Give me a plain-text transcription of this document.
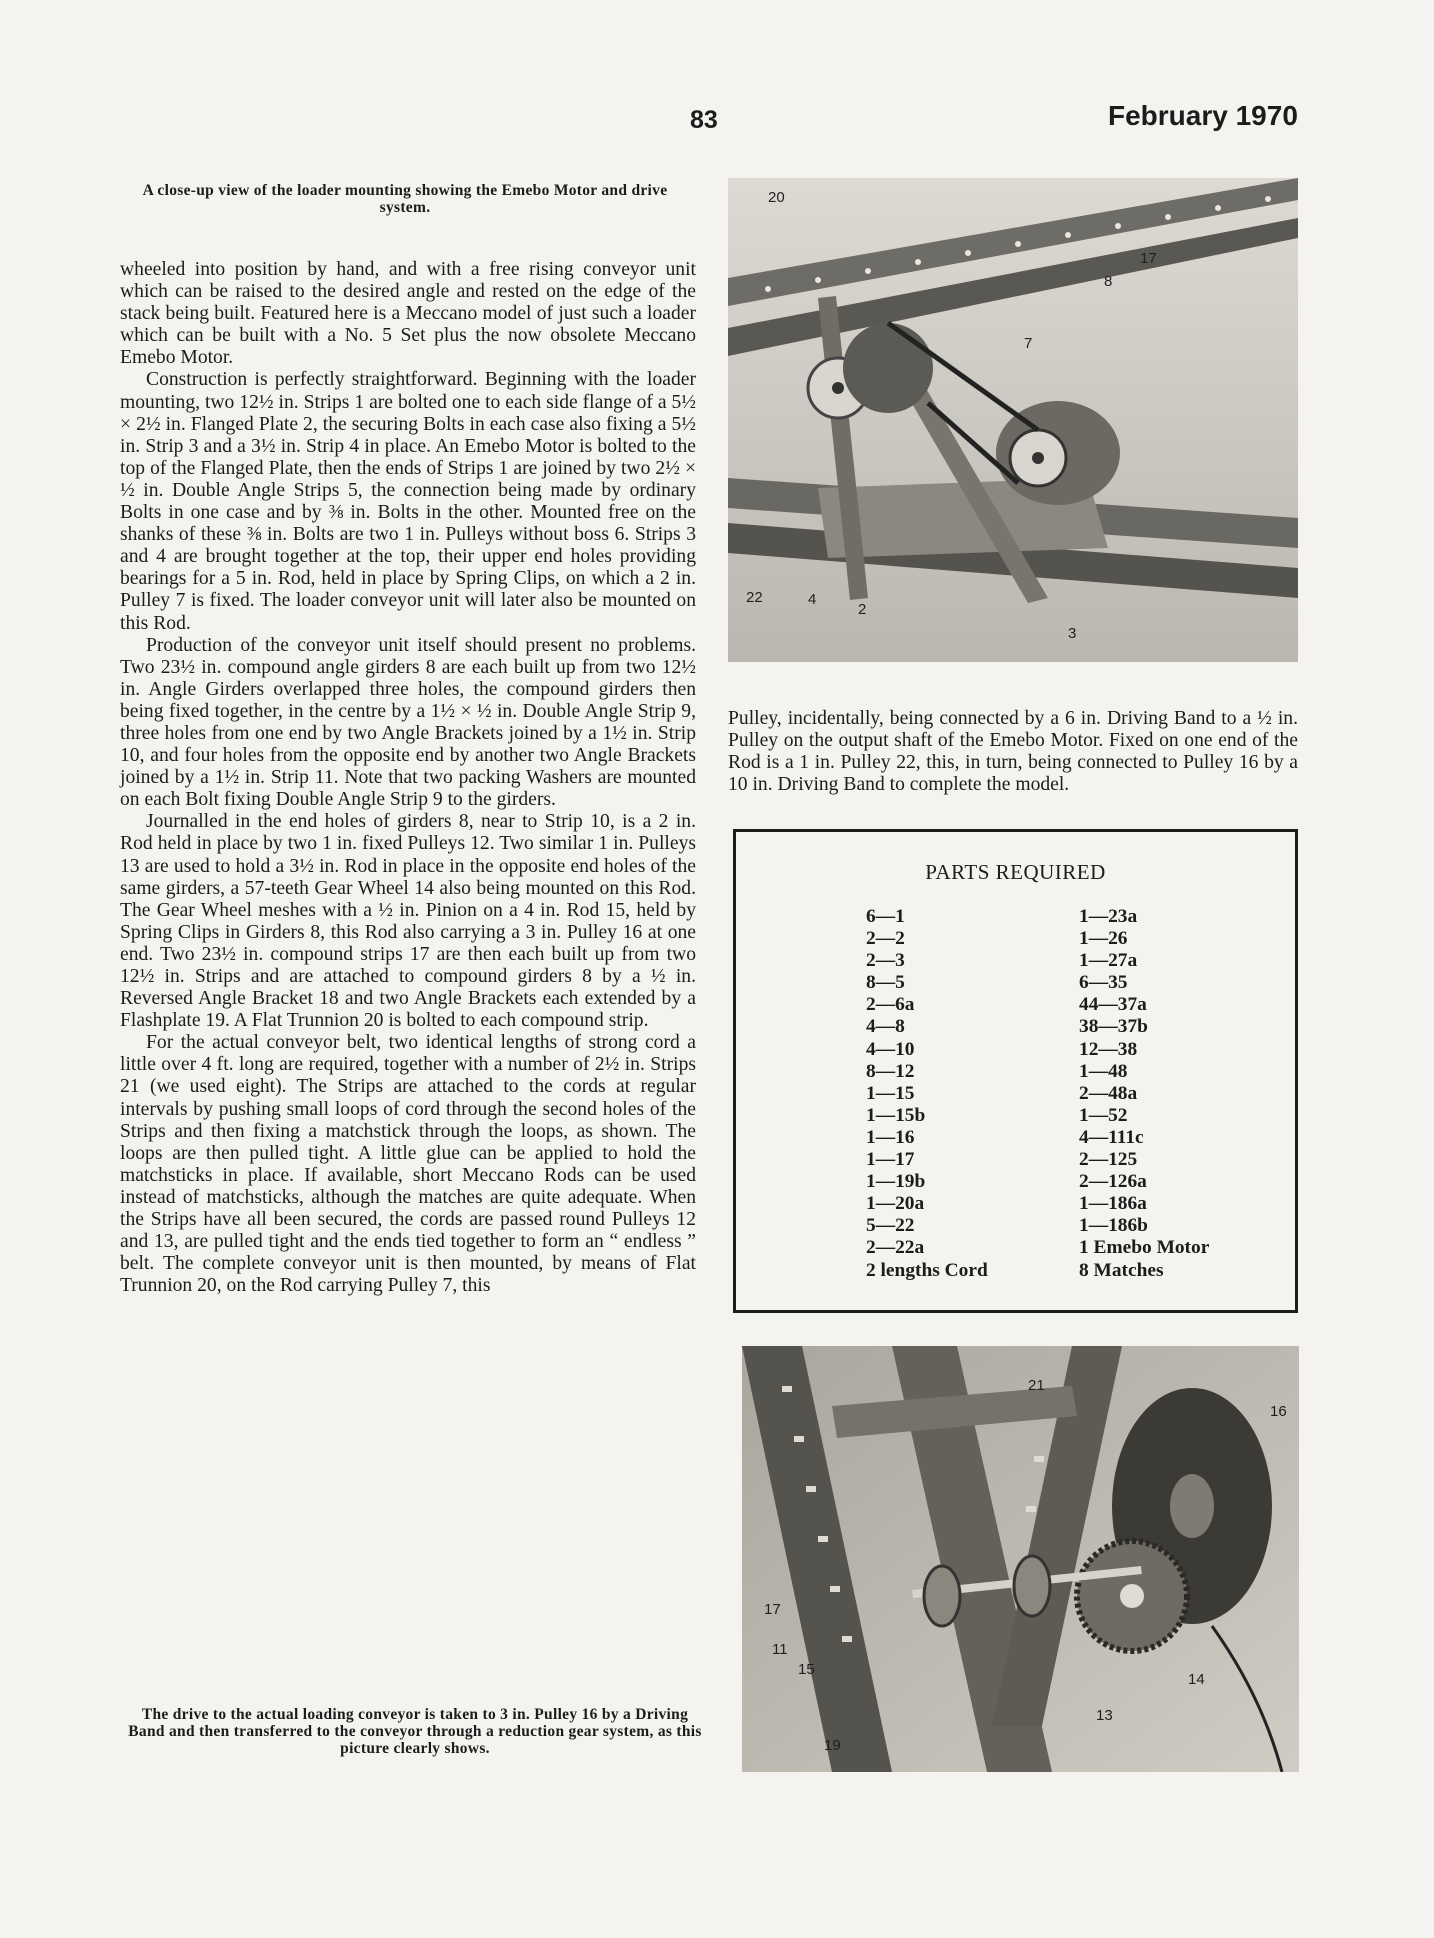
83	February 1970
A close-up view of the loader mounting showing the Emebo Motor and drive system.

wheeled into position by hand, and with a free rising conveyor unit which can be raised to the desired angle and rested on the edge of the stack being built. Featured here is a Meccano model of just such a loader which can be built with a No. 5 Set plus the now obsolete Meccano Emebo Motor.

Construction is perfectly straightforward. Beginning with the loader mounting, two 12½ in. Strips 1 are bolted one to each side flange of a 5½ × 2½ in. Flanged Plate 2, the securing Bolts in each case also fixing a 5½ in. Strip 3 and a 3½ in. Strip 4 in place. An Emebo Motor is bolted to the top of the Flanged Plate, then the ends of Strips 1 are joined by two 2½ × ½ in. Double Angle Strips 5, the connection being made by ordinary Bolts in one case and by ⅜ in. Bolts in the other. Mounted free on the shanks of these ⅜ in. Bolts are two 1 in. Pulleys without boss 6. Strips 3 and 4 are brought together at the top, their upper end holes providing bearings for a 5 in. Rod, held in place by Spring Clips, on which a 2 in. Pulley 7 is fixed. The loader conveyor unit will later also be mounted on this Rod.

Production of the conveyor unit itself should present no problems. Two 23½ in. compound angle girders 8 are each built up from two 12½ in. Angle Girders overlapped three holes, the compound girders then being fixed together, in the centre by a 1½ × ½ in. Double Angle Strip 9, three holes from one end by two Angle Brackets joined by a 1½ in. Strip 10, and four holes from the opposite end by another two Angle Brackets joined by a 1½ in. Strip 11. Note that two packing Washers are mounted on each Bolt fixing Double Angle Strip 9 to the girders.

Journalled in the end holes of girders 8, near to Strip 10, is a 2 in. Rod held in place by two 1 in. fixed Pulleys 12. Two similar 1 in. Pulleys 13 are used to hold a 3½ in. Rod in place in the opposite end holes of the same girders, a 57-teeth Gear Wheel 14 also being mounted on this Rod. The Gear Wheel meshes with a ½ in. Pinion on a 4 in. Rod 15, held by Spring Clips in Girders 8, this Rod also carrying a 3 in. Pulley 16 at one end. Two 23½ in. compound strips 17 are then each built up from two 12½ in. Strips and are attached to compound girders 8 by a ½ in. Reversed Angle Bracket 18 and two Angle Brackets each extended by a Flashplate 19. A Flat Trunnion 20 is bolted to each compound strip.

For the actual conveyor belt, two identical lengths of strong cord a little over 4 ft. long are required, together with a number of 2½ in. Strips 21 (we used eight). The Strips are attached to the cords at regular intervals by pushing small loops of cord through the second holes of the Strips and then fixing a matchstick through the loops, as shown. The loops are then pulled tight. A little glue can be applied to hold the matchsticks in place. If available, short Meccano Rods can be used instead of matchsticks, although the matches are quite adequate. When the Strips have all been secured, the cords are passed round Pulleys 12 and 13, are pulled tight and the ends tied together to form an “ endless ” belt. The complete conveyor unit is then mounted, by means of Flat Trunnion 20, on the Rod carrying Pulley 7, this

The drive to the actual loading conveyor is taken to 3 in. Pulley 16 by a Driving Band and then transferred to the conveyor through a reduction gear system, as this picture clearly shows.
20
17
8
7
22	4
2
3

Pulley, incidentally, being connected by a 6 in. Driving Band to a ½ in. Pulley on the output shaft of the Emebo Motor. Fixed on one end of the Rod is a 1 in. Pulley 22, this, in turn, being connected to Pulley 16 by a 10 in. Driving Band to complete the model.

PARTS REQUIRED
6—1
2—2
2—3
8—5
2—6a
4—8
4—10
8—12
1—15
1—15b
1—16
1—17
1—19b
1—20a
5—22
2—22a
2 lengths Cord
1—23a
1—26
1—27a
6—35
44—37a
38—37b
12—38
1—48
2—48a
1—52
4—111c
2—125
2—126a
1—186a
1—186b
1 Emebo Motor
8 Matches
21
16
17
11
15
19
13
14
